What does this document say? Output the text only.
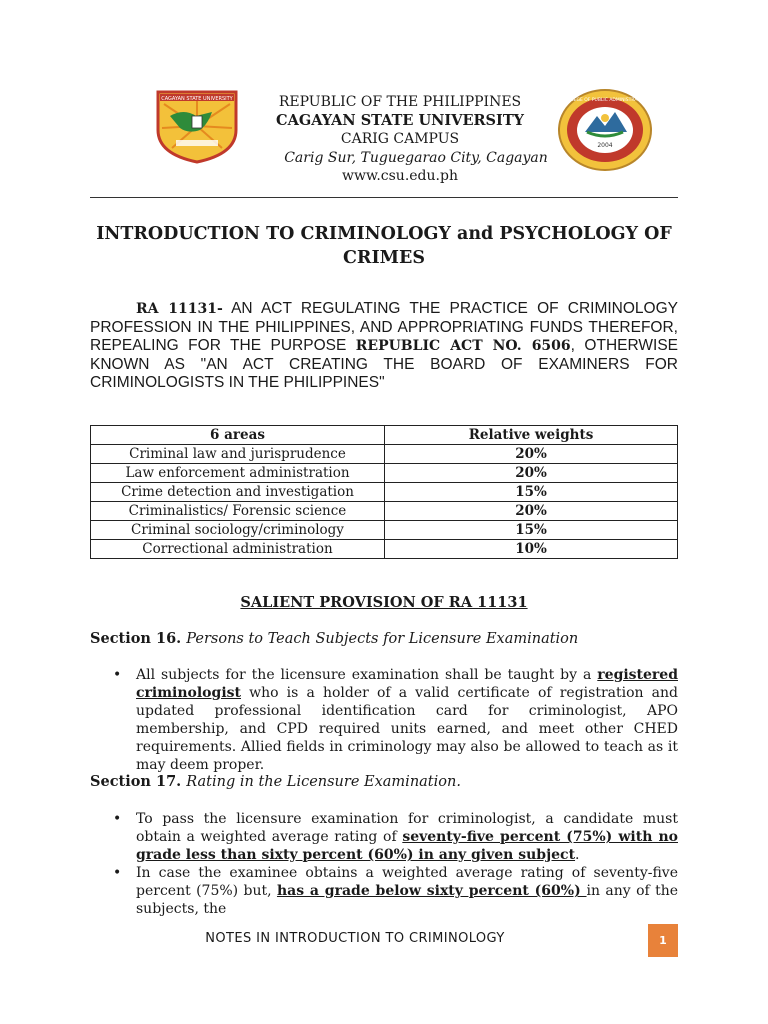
CAGAYAN STATE UNIVERSITY	REPUBLIC OF THE PHILIPPINES
CAGAYAN STATE UNIVERSITY
CARIG CAMPUS
Carig Sur, Tuguegarao City, Cagayan
www.csu.edu.ph
2004
COLLEGE OF PUBLIC ADMINISTRATION
INTRODUCTION TO CRIMINOLOGY and PSYCHOLOGY OF
CRIMES
RA 11131- AN ACT REGULATING THE PRACTICE OF CRIMINOLOGY PROFESSION IN THE PHILIPPINES, AND APPROPRIATING FUNDS THEREFOR, REPEALING FOR THE PURPOSE REPUBLIC ACT NO. 6506, OTHERWISE KNOWN AS "AN ACT CREATING THE BOARD OF EXAMINERS FOR CRIMINOLOGISTS IN THE PHILIPPINES"
6 areas	Relative weights
Criminal law and jurisprudence	20%
Law enforcement administration	20%
Crime detection and investigation	15%
Criminalistics/ Forensic science	20%
Criminal sociology/criminology	15%
Correctional administration	10%
SALIENT PROVISION OF RA 11131
Section 16. Persons to Teach Subjects for Licensure Examination
• All subjects for the licensure examination shall be taught by a registered criminologist who is a holder of a valid certificate of registration and updated professional identification card for criminologist, APO membership, and CPD required units earned, and meet other CHED requirements. Allied fields in criminology may also be allowed to teach as it may deem proper.
Section 17. Rating in the Licensure Examination.
• To pass the licensure examination for criminologist, a candidate must obtain a weighted average rating of seventy-five percent (75%) with no grade less than sixty percent (60%) in any given subject.
• In case the examinee obtains a weighted average rating of seventy-five percent (75%) but, has a grade below sixty percent (60%) in any of the subjects, the
NOTES IN INTRODUCTION TO CRIMINOLOGY	1
